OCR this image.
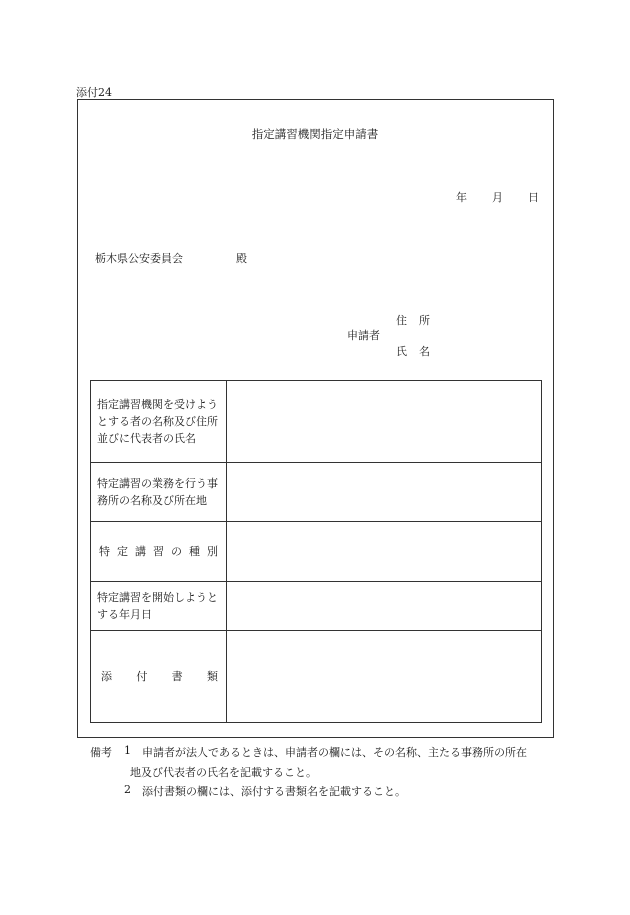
添付24
指定講習機関指定申請書
年 月 日
栃木県公安委員会	殿
申請者
住所
氏名
指定講習機関を受けようとする者の名称及び住所並びに代表者の氏名
特定講習の業務を行う事務所の名称及び所在地
特 定 講 習 の 種 別
特定講習を開始しようとする年月日
添 付 書 類
備考 1 申請者が法人であるときは、申請者の欄には、その名称、主たる事務所の所在
地及び代表者の氏名を記載すること。
2 添付書類の欄には、添付する書類名を記載すること。
